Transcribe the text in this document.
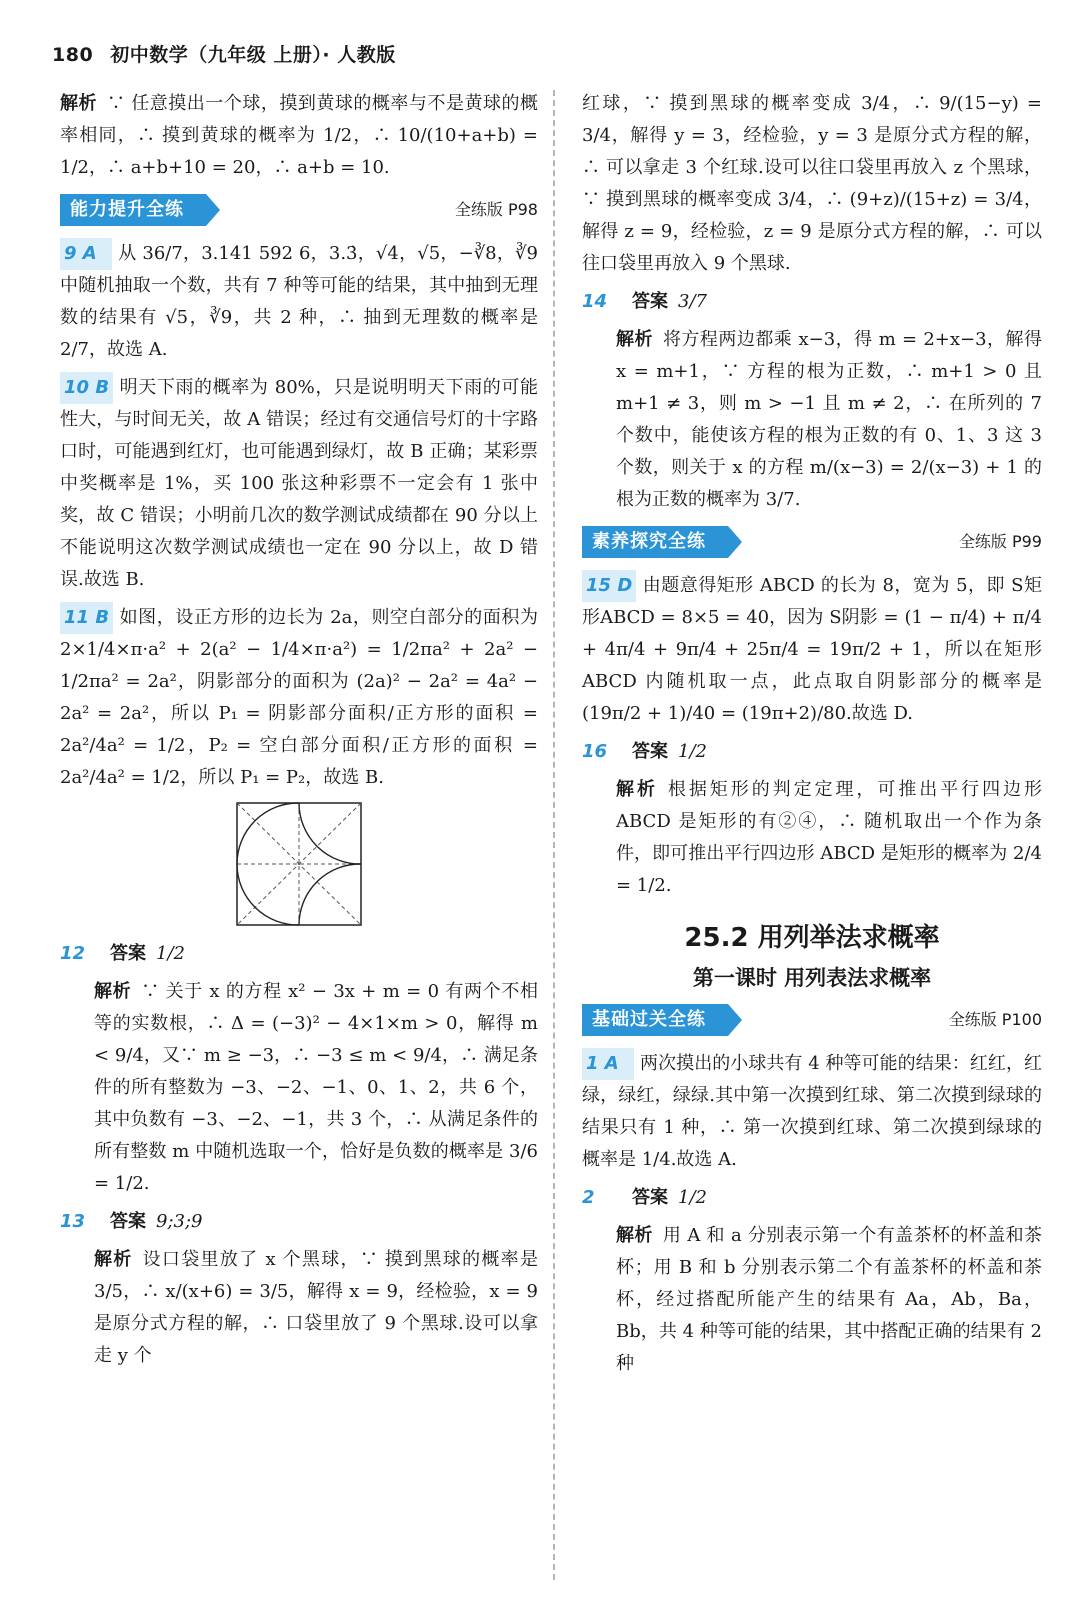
180 初中数学（九年级 上册）· 人教版

解析 ∵ 任意摸出一个球，摸到黄球的概率与不是黄球的概率相同，∴ 摸到黄球的概率为 1/2，∴ 10/(10+a+b) = 1/2，∴ a+b+10 = 20，∴ a+b = 10.

能力提升全练	全练版 P98

9 A 从 36/7，3.141 592 6，3.3̇，√4，√5，−∛8，∛9 中随机抽取一个数，共有 7 种等可能的结果，其中抽到无理数的结果有 √5，∛9，共 2 种，∴ 抽到无理数的概率是 2/7，故选 A.

10 B 明天下雨的概率为 80%，只是说明明天下雨的可能性大，与时间无关，故 A 错误；经过有交通信号灯的十字路口时，可能遇到红灯，也可能遇到绿灯，故 B 正确；某彩票中奖概率是 1%，买 100 张这种彩票不一定会有 1 张中奖，故 C 错误；小明前几次的数学测试成绩都在 90 分以上不能说明这次数学测试成绩也一定在 90 分以上，故 D 错误.故选 B.

11 B 如图，设正方形的边长为 2a，则空白部分的面积为 2×1/4×π·a² + 2(a² − 1/4×π·a²) = 1/2πa² + 2a² − 1/2πa² = 2a²，阴影部分的面积为 (2a)² − 2a² = 4a² − 2a² = 2a²，所以 P₁ = 阴影部分面积/正方形的面积 = 2a²/4a² = 1/2，P₂ = 空白部分面积/正方形的面积 = 2a²/4a² = 1/2，所以 P₁ = P₂，故选 B.

12 答案 1/2

解析 ∵ 关于 x 的方程 x² − 3x + m = 0 有两个不相等的实数根，∴ Δ = (−3)² − 4×1×m > 0，解得 m < 9/4，又∵ m ≥ −3，∴ −3 ≤ m < 9/4，∴ 满足条件的所有整数为 −3、−2、−1、0、1、2，共 6 个，其中负数有 −3、−2、−1，共 3 个，∴ 从满足条件的所有整数 m 中随机选取一个，恰好是负数的概率是 3/6 = 1/2.

13 答案 9;3;9

解析 设口袋里放了 x 个黑球，∵ 摸到黑球的概率是 3/5，∴ x/(x+6) = 3/5，解得 x = 9，经检验，x = 9 是原分式方程的解，∴ 口袋里放了 9 个黑球.设可以拿走 y 个

红球，∵ 摸到黑球的概率变成 3/4，∴ 9/(15−y) = 3/4，解得 y = 3，经检验，y = 3 是原分式方程的解，∴ 可以拿走 3 个红球.设可以往口袋里再放入 z 个黑球，∵ 摸到黑球的概率变成 3/4，∴ (9+z)/(15+z) = 3/4，解得 z = 9，经检验，z = 9 是原分式方程的解，∴ 可以往口袋里再放入 9 个黑球.

14 答案 3/7

解析 将方程两边都乘 x−3，得 m = 2+x−3，解得 x = m+1，∵ 方程的根为正数，∴ m+1 > 0 且 m+1 ≠ 3，则 m > −1 且 m ≠ 2，∴ 在所列的 7 个数中，能使该方程的根为正数的有 0、1、3 这 3 个数，则关于 x 的方程 m/(x−3) = 2/(x−3) + 1 的根为正数的概率为 3/7.

素养探究全练	全练版 P99

15 D 由题意得矩形 ABCD 的长为 8，宽为 5，即 S矩形ABCD = 8×5 = 40，因为 S阴影 = (1 − π/4) + π/4 + 4π/4 + 9π/4 + 25π/4 = 19π/2 + 1，所以在矩形 ABCD 内随机取一点，此点取自阴影部分的概率是 (19π/2 + 1)/40 = (19π+2)/80.故选 D.

16 答案 1/2

解析 根据矩形的判定定理，可推出平行四边形 ABCD 是矩形的有②④，∴ 随机取出一个作为条件，即可推出平行四边形 ABCD 是矩形的概率为 2/4 = 1/2.

25.2 用列举法求概率
第一课时 用列表法求概率
基础过关全练	全练版 P100

1 A 两次摸出的小球共有 4 种等可能的结果：红红，红绿，绿红，绿绿.其中第一次摸到红球、第二次摸到绿球的结果只有 1 种，∴ 第一次摸到红球、第二次摸到绿球的概率是 1/4.故选 A.

2 答案 1/2

解析 用 A 和 a 分别表示第一个有盖茶杯的杯盖和茶杯；用 B 和 b 分别表示第二个有盖茶杯的杯盖和茶杯，经过搭配所能产生的结果有 Aa，Ab，Ba，Bb，共 4 种等可能的结果，其中搭配正确的结果有 2 种
